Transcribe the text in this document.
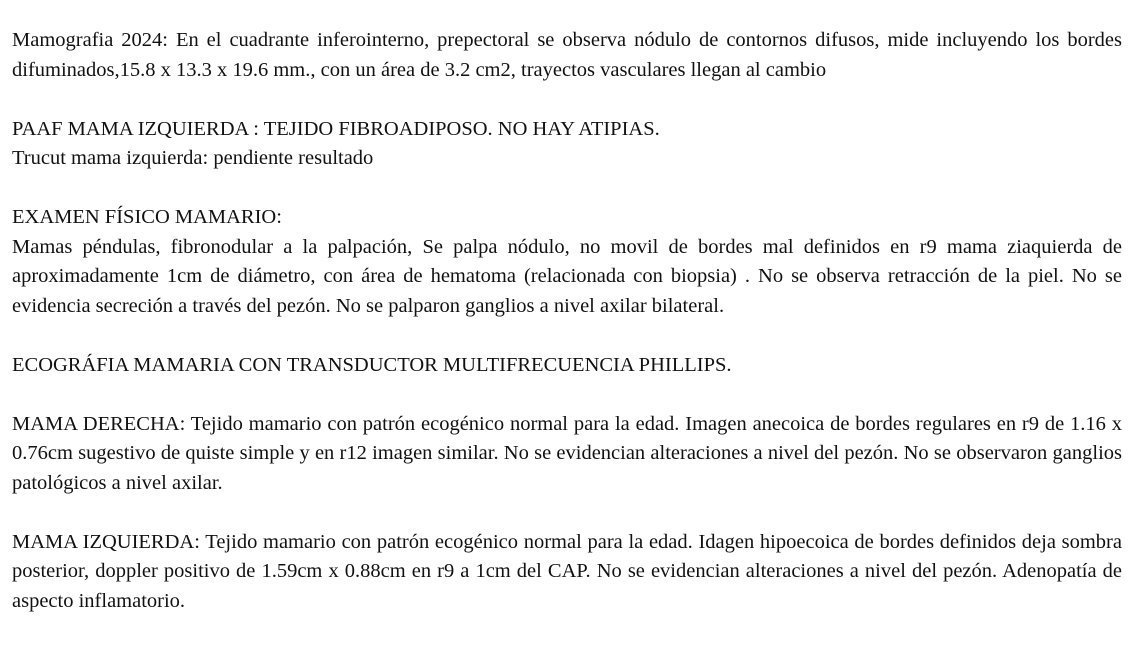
Mamografia 2024: En el cuadrante inferointerno, prepectoral se observa nódulo de contornos difusos, mide incluyendo los bordes difuminados,15.8 x 13.3 x 19.6 mm., con un área de 3.2 cm2, trayectos vasculares llegan al cambio

PAAF MAMA IZQUIERDA : TEJIDO FIBROADIPOSO. NO HAY ATIPIAS.
Trucut mama izquierda: pendiente resultado

EXAMEN FÍSICO MAMARIO:
Mamas péndulas, fibronodular a la palpación, Se palpa nódulo, no movil de bordes mal definidos en r9 mama ziaquierda de aproximadamente 1cm de diámetro, con área de hematoma (relacionada con biopsia) . No se observa retracción de la piel. No se evidencia secreción a través del pezón. No se palparon ganglios a nivel axilar bilateral.

ECOGRÁFIA MAMARIA CON TRANSDUCTOR MULTIFRECUENCIA PHILLIPS.

MAMA DERECHA: Tejido mamario con patrón ecogénico normal para la edad. Imagen anecoica de bordes regulares en r9 de 1.16 x 0.76cm sugestivo de quiste simple y en r12 imagen similar. No se evidencian alteraciones a nivel del pezón. No se observaron ganglios patológicos a nivel axilar.

MAMA IZQUIERDA: Tejido mamario con patrón ecogénico normal para la edad. Idagen hipoecoica de bordes definidos deja sombra posterior, doppler positivo de 1.59cm x 0.88cm en r9 a 1cm del CAP. No se evidencian alteraciones a nivel del pezón. Adenopatía de aspecto inflamatorio.
